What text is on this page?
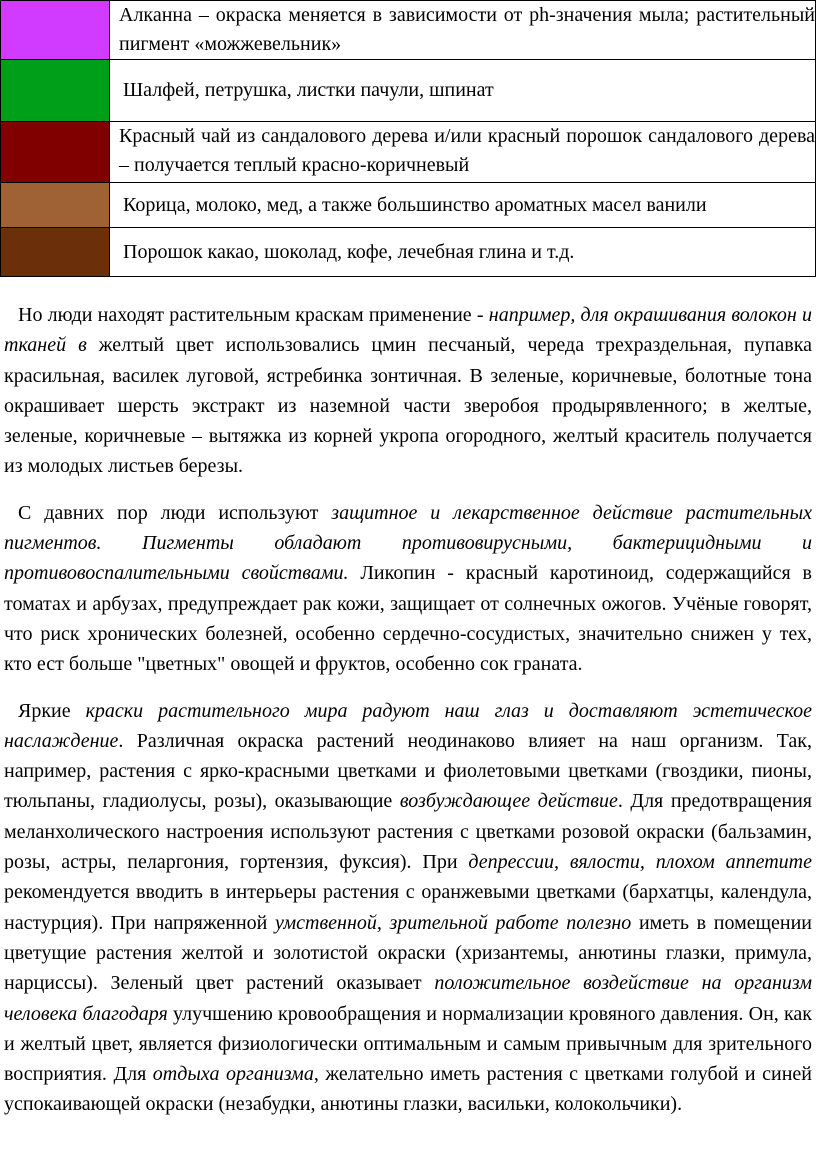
	Алканна – окраска меняется в зависимости от ph-значения мыла; растительный пигмент «можжевельник»

	Шалфей, петрушка, листки пачули, шпинат

	Красный чай из сандалового дерева и/или красный порошок сандалового дерева – получается теплый красно-коричневый

	Корица, молоко, мед, а также большинство ароматных масел ванили

	Порошок какао, шоколад, кофе, лечебная глина и т.д.

Но люди находят растительным краскам применение - например, для окрашивания волокон и тканей в желтый цвет использовались цмин песчаный, череда трехраздельная, пупавка красильная, василек луговой, ястребинка зонтичная. В зеленые, коричневые, болотные тона окрашивает шерсть экстракт из наземной части зверобоя продырявленного; в желтые, зеленые, коричневые – вытяжка из корней укропа огородного, желтый краситель получается из молодых листьев березы.

С давних пор люди используют защитное и лекарственное действие растительных пигментов. Пигменты обладают противовирусными, бактерицидными и противовоспалительными свойствами. Ликопин - красный каротиноид, содержащийся в томатах и арбузах, предупреждает рак кожи, защищает от солнечных ожогов. Учёные говорят, что риск хронических болезней, особенно сердечно-сосудистых, значительно снижен у тех, кто ест больше "цветных" овощей и фруктов, особенно сок граната.

Яркие краски растительного мира радуют наш глаз и доставляют эстетическое наслаждение. Различная окраска растений неодинаково влияет на наш организм. Так, например, растения с ярко-красными цветками и фиолетовыми цветками (гвоздики, пионы, тюльпаны, гладиолусы, розы), оказывающие возбуждающее действие. Для предотвращения меланхолического настроения используют растения с цветками розовой окраски (бальзамин, розы, астры, пеларгония, гортензия, фуксия). При депрессии, вялости, плохом аппетите рекомендуется вводить в интерьеры растения с оранжевыми цветками (бархатцы, календула, настурция). При напряженной умственной, зрительной работе полезно иметь в помещении цветущие растения желтой и золотистой окраски (хризантемы, анютины глазки, примула, нарциссы). Зеленый цвет растений оказывает положительное воздействие на организм человека благодаря улучшению кровообращения и нормализации кровяного давления. Он, как и желтый цвет, является физиологически оптимальным и самым привычным для зрительного восприятия. Для отдыха организма, желательно иметь растения с цветками голубой и синей успокаивающей окраски (незабудки, анютины глазки, васильки, колокольчики).
